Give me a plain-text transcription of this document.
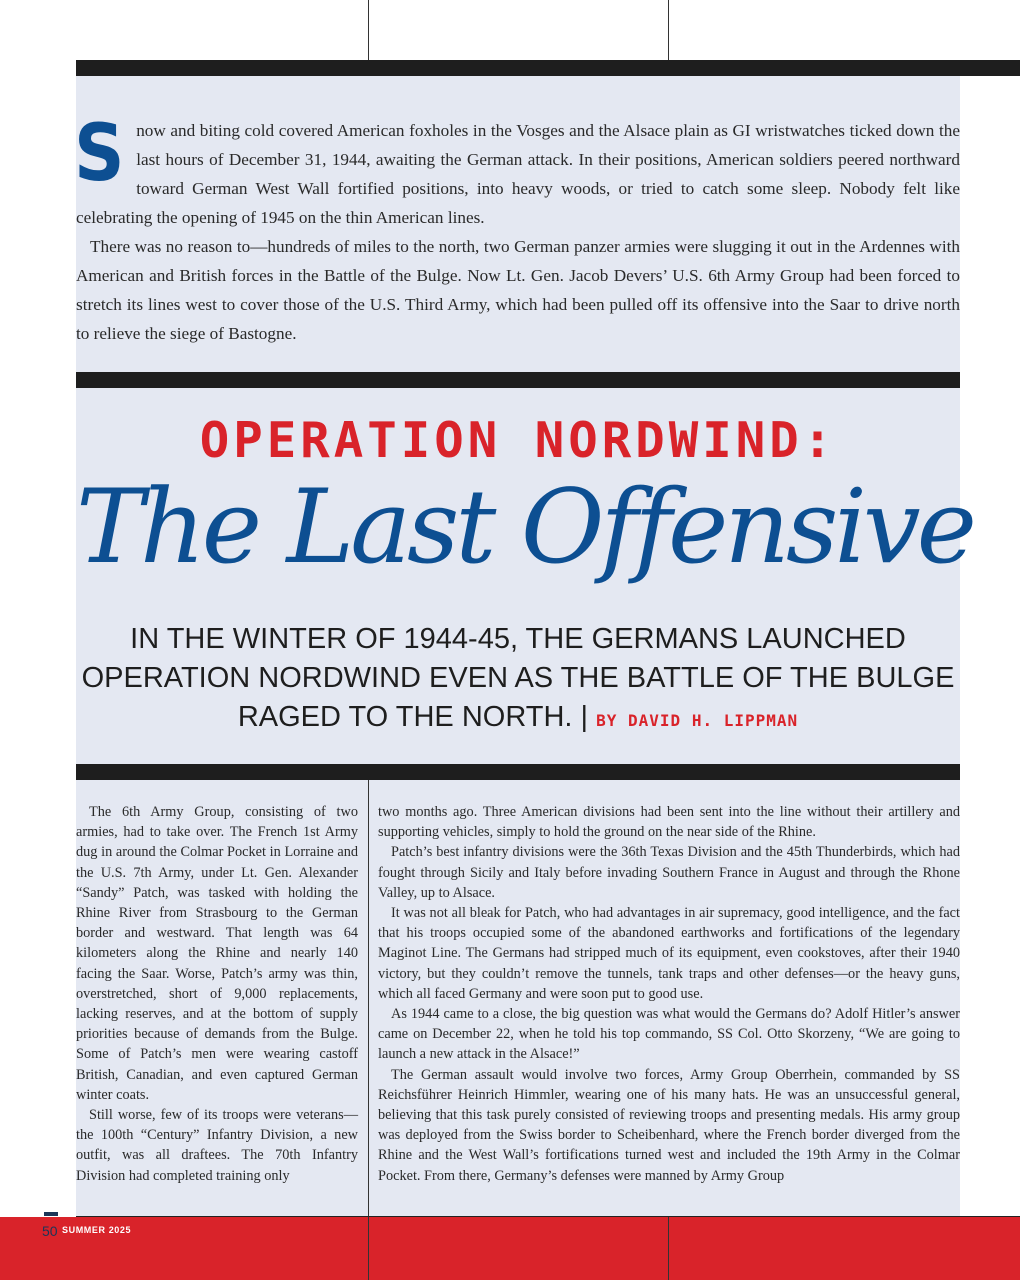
Snow and biting cold covered American foxholes in the Vosges and the Alsace plain as GI wristwatches ticked down the last hours of December 31, 1944, awaiting the German attack. In their positions, American soldiers peered northward toward German West Wall fortified positions, into heavy woods, or tried to catch some sleep. Nobody felt like celebrating the opening of 1945 on the thin American lines.

There was no reason to—hundreds of miles to the north, two German panzer armies were slugging it out in the Ardennes with American and British forces in the Battle of the Bulge. Now Lt. Gen. Jacob Devers’ U.S. 6th Army Group had been forced to stretch its lines west to cover those of the U.S. Third Army, which had been pulled off its offensive into the Saar to drive north to relieve the siege of Bastogne.

OPERATION NORDWIND:
The Last Offensive
IN THE WINTER OF 1944-45, THE GERMANS LAUNCHED OPERATION NORDWIND EVEN AS THE BATTLE OF THE BULGE RAGED TO THE NORTH. | BY DAVID H. LIPPMAN

The 6th Army Group, consisting of two armies, had to take over. The French 1st Army dug in around the Colmar Pocket in Lorraine and the U.S. 7th Army, under Lt. Gen. Alexander “Sandy” Patch, was tasked with holding the Rhine River from Strasbourg to the German border and westward. That length was 64 kilometers along the Rhine and nearly 140 facing the Saar. Worse, Patch’s army was thin, overstretched, short of 9,000 replacements, lacking reserves, and at the bottom of supply priorities because of demands from the Bulge. Some of Patch’s men were wearing castoff British, Canadian, and even captured German winter coats.

Still worse, few of its troops were veterans—the 100th “Century” Infantry Division, a new outfit, was all draftees. The 70th Infantry Division had completed training only

two months ago. Three American divisions had been sent into the line without their artillery and supporting vehicles, simply to hold the ground on the near side of the Rhine.

Patch’s best infantry divisions were the 36th Texas Division and the 45th Thunderbirds, which had fought through Sicily and Italy before invading Southern France in August and through the Rhone Valley, up to Alsace.

It was not all bleak for Patch, who had advantages in air supremacy, good intelligence, and the fact that his troops occupied some of the abandoned earthworks and fortifications of the legendary Maginot Line. The Germans had stripped much of its equipment, even cookstoves, after their 1940 victory, but they couldn’t remove the tunnels, tank traps and other defenses—or the heavy guns, which all faced Germany and were soon put to good use.

As 1944 came to a close, the big question was what would the Germans do? Adolf Hitler’s answer came on December 22, when he told his top commando, SS Col. Otto Skorzeny, “We are going to launch a new attack in the Alsace!”

The German assault would involve two forces, Army Group Oberrhein, commanded by SS Reichsführer Heinrich Himmler, wearing one of his many hats. He was an unsuccessful general, believing that this task purely consisted of reviewing troops and presenting medals. His army group was deployed from the Swiss border to Scheibenhard, where the French border diverged from the Rhine and the West Wall’s fortifications turned west and included the 19th Army in the Colmar Pocket. From there, Germany’s defenses were manned by Army Group

50 SUMMER 2025
